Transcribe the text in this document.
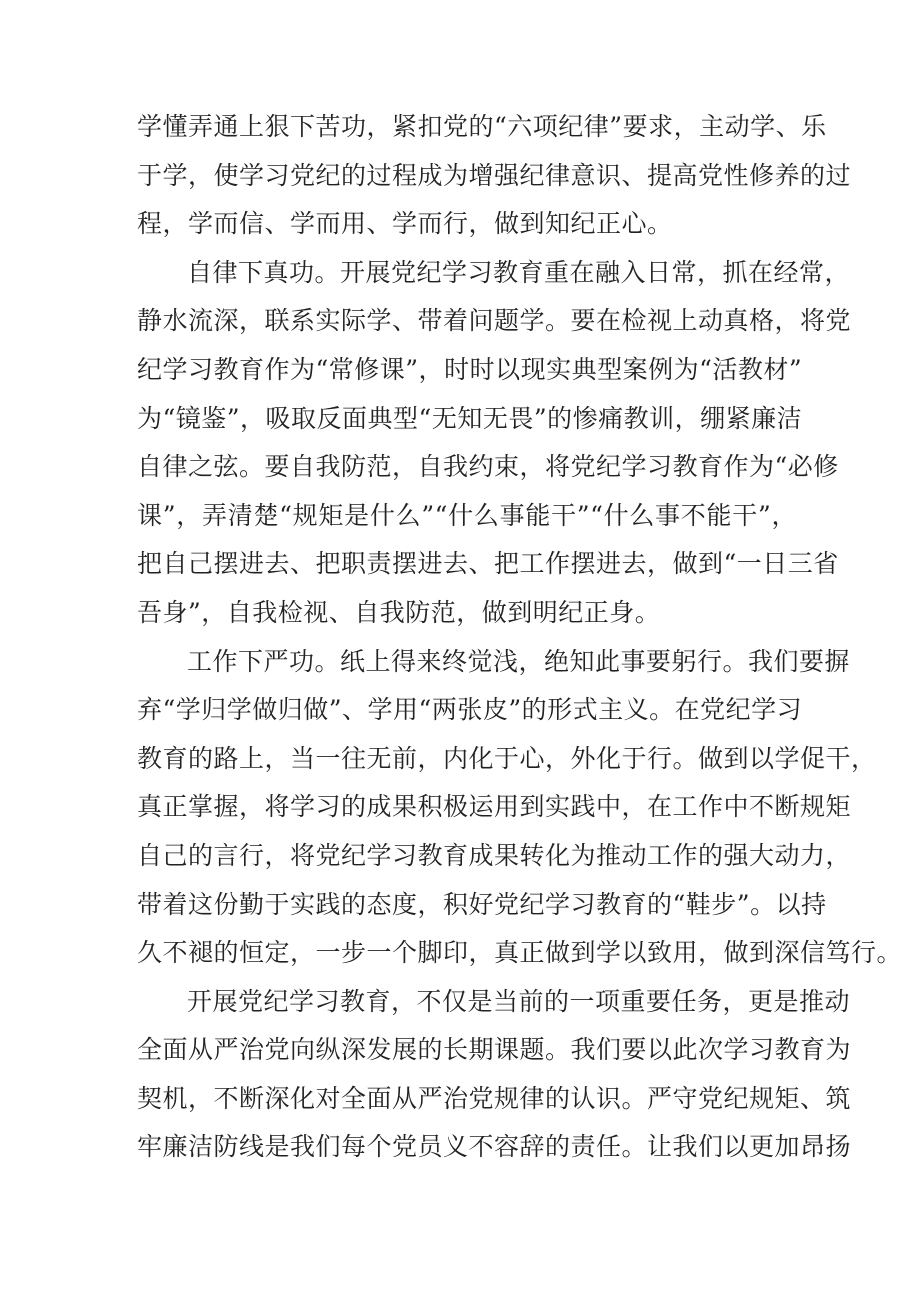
学懂弄通上狠下苦功，紧扣党的“六项纪律”要求，主动学、乐
于学，使学习党纪的过程成为增强纪律意识、提高党性修养的过
程，学而信、学而用、学而行，做到知纪正心。
自律下真功。开展党纪学习教育重在融入日常，抓在经常，
静水流深，联系实际学、带着问题学。要在检视上动真格，将党
纪学习教育作为“常修课”，时时以现实典型案例为“活教材”
为“镜鉴”，吸取反面典型“无知无畏”的惨痛教训，绷紧廉洁
自律之弦。要自我防范，自我约束，将党纪学习教育作为“必修
课”，弄清楚“规矩是什么”“什么事能干”“什么事不能干”，
把自己摆进去、把职责摆进去、把工作摆进去，做到“一日三省
吾身”，自我检视、自我防范，做到明纪正身。
工作下严功。纸上得来终觉浅，绝知此事要躬行。我们要摒
弃“学归学做归做”、学用“两张皮”的形式主义。在党纪学习
教育的路上，当一往无前，内化于心，外化于行。做到以学促干，
真正掌握，将学习的成果积极运用到实践中，在工作中不断规矩
自己的言行，将党纪学习教育成果转化为推动工作的强大动力，
带着这份勤于实践的态度，积好党纪学习教育的“鞋步”。以持
久不褪的恒定，一步一个脚印，真正做到学以致用，做到深信笃行。
开展党纪学习教育，不仅是当前的一项重要任务，更是推动
全面从严治党向纵深发展的长期课题。我们要以此次学习教育为
契机，不断深化对全面从严治党规律的认识。严守党纪规矩、筑
牢廉洁防线是我们每个党员义不容辞的责任。让我们以更加昂扬
